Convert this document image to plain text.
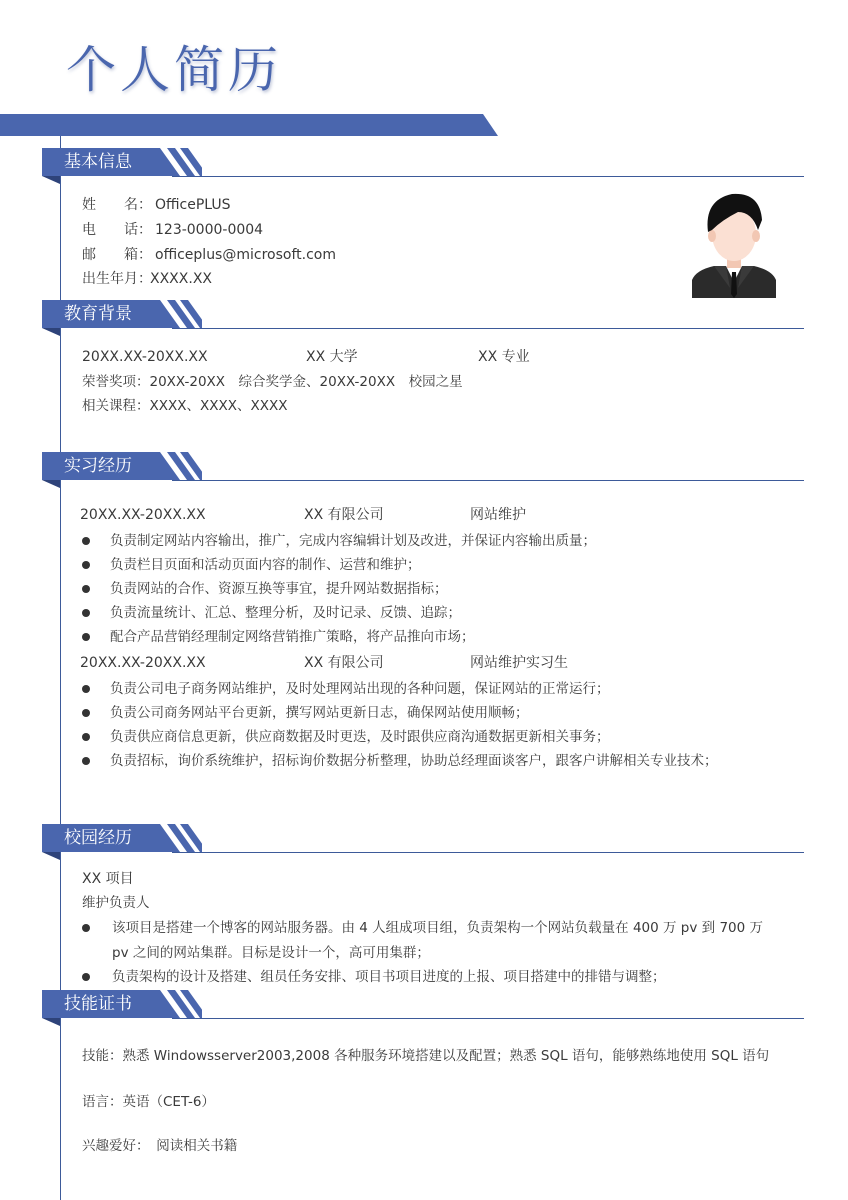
个人简历
基本信息
姓　　名： OfficePLUS
电　　话： 123-0000-0004
邮　　箱： officeplus@microsoft.com
出生年月：
XXXX.XX
教育背景
20XX.XX-20XX.XX	XX 大学	XX 专业
荣誉奖项：20XX-20XX　综合奖学金、20XX-20XX　校园之星
相关课程：XXXX、XXXX、XXXX
实习经历
20XX.XX-20XX.XX	XX 有限公司	网站维护
负责制定网站内容输出，推广，完成内容编辑计划及改进，并保证内容输出质量；
负责栏目页面和活动页面内容的制作、运营和维护；
负责网站的合作、资源互换等事宜，提升网站数据指标；
负责流量统计、汇总、整理分析，及时记录、反馈、追踪；
配合产品营销经理制定网络营销推广策略，将产品推向市场；
20XX.XX-20XX.XX	XX 有限公司	网站维护实习生
负责公司电子商务网站维护，及时处理网站出现的各种问题，保证网站的正常运行；
负责公司商务网站平台更新，撰写网站更新日志，确保网站使用顺畅；
负责供应商信息更新，供应商数据及时更迭，及时跟供应商沟通数据更新相关事务；
负责招标，询价系统维护，招标询价数据分析整理，协助总经理面谈客户，跟客户讲解相关专业技术；
校园经历
XX 项目
维护负责人
该项目是搭建一个博客的网站服务器。由 4 人组成项目组，负责架构一个网站负载量在 400 万 pv 到 700 万
pv 之间的网站集群。目标是设计一个，高可用集群；
负责架构的设计及搭建、组员任务安排、项目书项目进度的上报、项目搭建中的排错与调整；
技能证书
技能：熟悉 Windowsserver2003,2008 各种服务环境搭建以及配置；熟悉 SQL 语句，能够熟练地使用 SQL 语句
语言：英语（CET-6）
兴趣爱好：　阅读相关书籍
